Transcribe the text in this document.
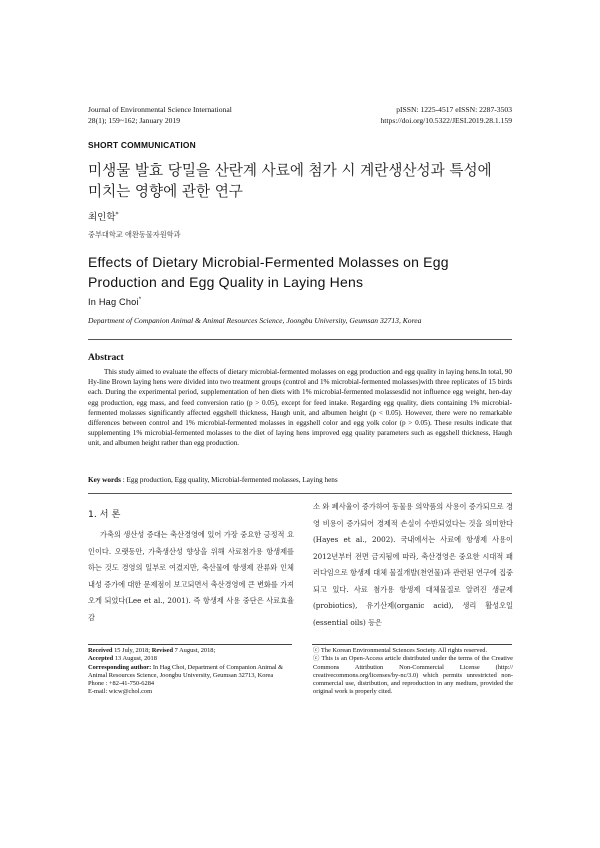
Journal of Environmental Science International
28(1); 159~162; January 2019
pISSN: 1225-4517 eISSN: 2287-3503
https://doi.org/10.5322/JESI.2019.28.1.159
SHORT COMMUNICATION
미생물 발효 당밀을 산란계 사료에 첨가 시 계란생산성과 특성에
미치는 영향에 관한 연구
최인학*
중부대학교 애완동물자원학과
Effects of Dietary Microbial-Fermented Molasses on Egg
Production and Egg Quality in Laying Hens
In Hag Choi*
Department of Companion Animal & Animal Resources Science, Joongbu University, Geumsan 32713, Korea
Abstract

This study aimed to evaluate the effects of dietary microbial-fermented molasses on egg production and egg quality in laying hens.In total, 90 Hy-line Brown laying hens were divided into two treatment groups (control and 1% microbial-fermented molasses)with three replicates of 15 birds each. During the experimental period, supplementation of hen diets with 1% microbial-fermented molassesdid not influence egg weight, hen-day egg production, egg mass, and feed conversion ratio (p > 0.05), except for feed intake. Regarding egg quality, diets containing 1% microbial-fermented molasses significantly affected eggshell thickness, Haugh unit, and albumen height (p < 0.05). However, there were no remarkable differences between control and 1% microbial-fermented molasses in eggshell color and egg yolk color (p > 0.05). These results indicate that supplementing 1% microbial-fermented molasses to the diet of laying hens improved egg quality parameters such as eggshell thickness, Haugh unit, and albumen height rather than egg production.

Key words : Egg production, Egg quality, Microbial-fermented molasses, Laying hens
1. 서 론

가축의 생산성 증대는 축산경영에 있어 가장 중요한 긍정적 요인이다. 오랫동안, 가축생산성 향상을 위해 사료첨가용 항생제를 하는 것도 경영의 일부로 여겼지만, 축산물에 항생제 잔류와 인체 내성 증가에 대한 문제점이 보고되면서 축산경영에 큰 변화를 가져오게 되었다(Lee et al., 2001). 즉 항생제 사용 중단은 사료효율 감

소 와 폐사율이 증가하여 동물용 의약품의 사용이 증가되므로 경영 비용이 증가되어 경제적 손실이 수반되었다는 것을 의미한다(Hayes et al., 2002). 국내에서는 사료에 항생제 사용이 2012년부터 전면 금지됨에 따라, 축산경영은 중요한 시대적 패러다임으로 항생제 대체 물질개발(천연물)과 관련된 연구에 집중되고 있다. 사료 첨가용 항생제 대체물질로 알려진 생균제(probiotics), 유기산제(organic acid), 생리 활성오일(essential oils) 등은

Received 15 July, 2018; Revised 7 August, 2018;
Accepted 13 August, 2018
Corresponding author: In Hag Choi, Department of Companion Animal & Animal Resources Science, Joongbu University, Geumsan 32713, Korea
Phone : +82-41-750-6284
E-mail: wicw@chol.com
ⓒ The Korean Environmental Sciences Society. All rights reserved.
ⓒ This is an Open-Access article distributed under the terms of the Creative Commons Attribution Non-Commercial License (http:// creativecommons.org/licenses/by-nc/3.0) which permits unrestricted non-commercial use, distribution, and reproduction in any medium, provided the original work is properly cited.
